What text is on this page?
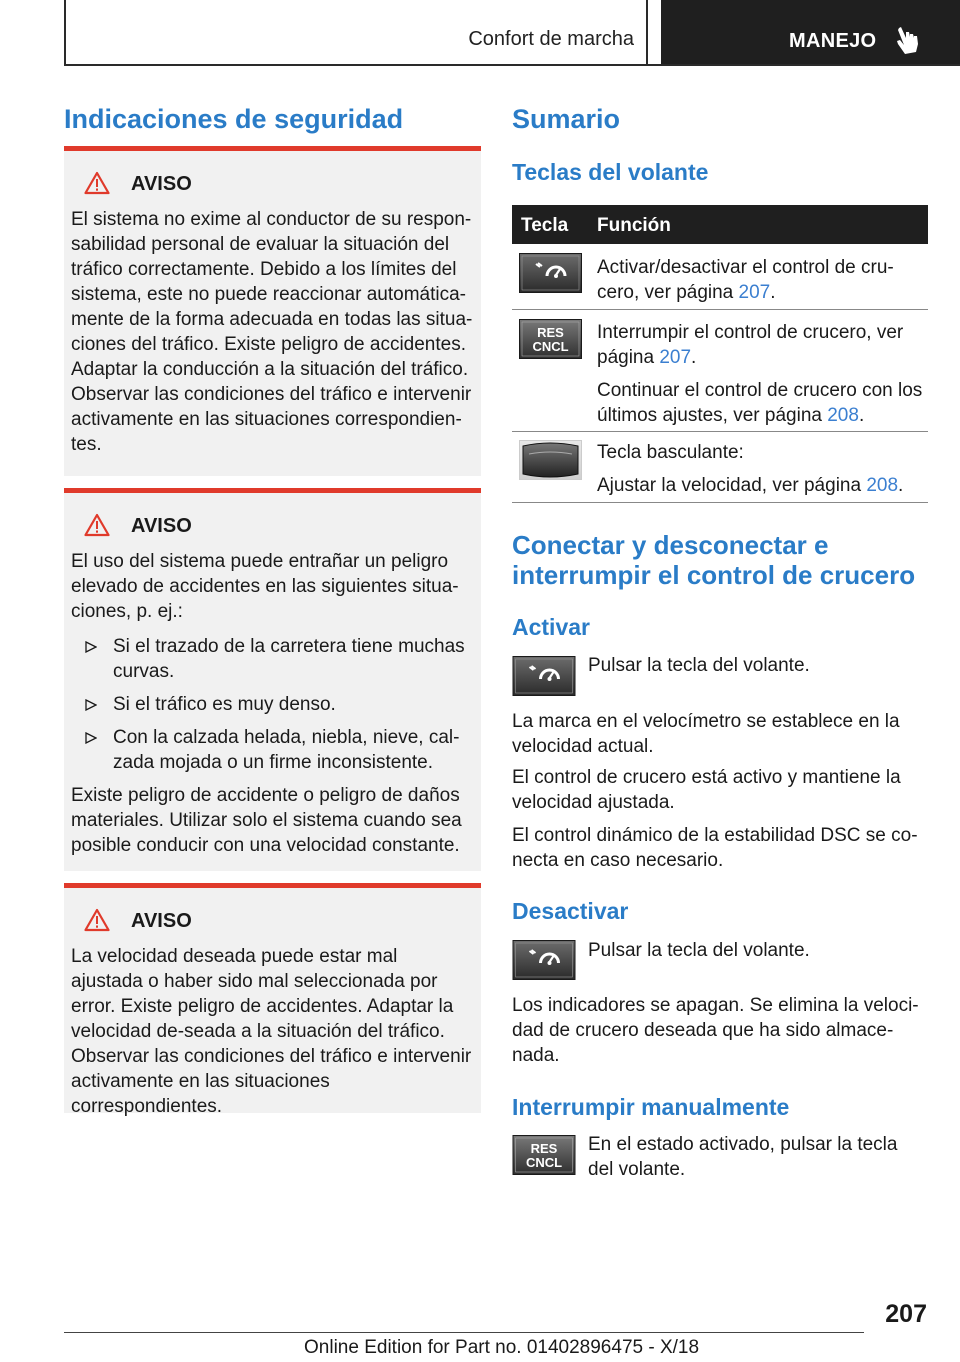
Confort de marcha	MANEJO
Indicaciones de seguridad
AVISO

El sistema no exime al conductor de su respon-sabilidad personal de evaluar la situación del tráfico correctamente. Debido a los límites del sistema, este no puede reaccionar automática-mente de la forma adecuada en todas las situa-ciones del tráfico. Existe peligro de accidentes. Adaptar la conducción a la situación del tráfico. Observar las condiciones del tráfico e intervenir activamente en las situaciones correspondien-tes.

AVISO

El uso del sistema puede entrañar un peligro elevado de accidentes en las siguientes situa-ciones, p. ej.:

Si el trazado de la carretera tiene muchas curvas.
Si el tráfico es muy denso.
Con la calzada helada, niebla, nieve, cal-zada mojada o un firme inconsistente.

Existe peligro de accidente o peligro de daños materiales. Utilizar solo el sistema cuando sea posible conducir con una velocidad constante.

AVISO

La velocidad deseada puede estar mal ajustada o haber sido mal seleccionada por error. Existe peligro de accidentes. Adaptar la velocidad de-seada a la situación del tráfico. Observar las condiciones del tráfico e intervenir activamente en las situaciones correspondientes.

Sumario
Teclas del volante
Tecla Función

Activar/desactivar el control de cru-cero, ver página 207.

RES
CNCL

Interrumpir el control de crucero, ver página 207.

Continuar el control de crucero con los últimos ajustes, ver página 208.

Tecla basculante:

Ajustar la velocidad, ver página 208.

Conectar y desconectar e interrumpir el control de crucero
Activar

Pulsar la tecla del volante.

La marca en el velocímetro se establece en la velocidad actual.

El control de crucero está activo y mantiene la velocidad ajustada.

El control dinámico de la estabilidad DSC se co-necta en caso necesario.

Desactivar

Pulsar la tecla del volante.

Los indicadores se apagan. Se elimina la veloci-dad de crucero deseada que ha sido almace-nada.

Interrumpir manualmente
RES
CNCL

En el estado activado, pulsar la tecla del volante.

207
Online Edition for Part no. 01402896475 - X/18
